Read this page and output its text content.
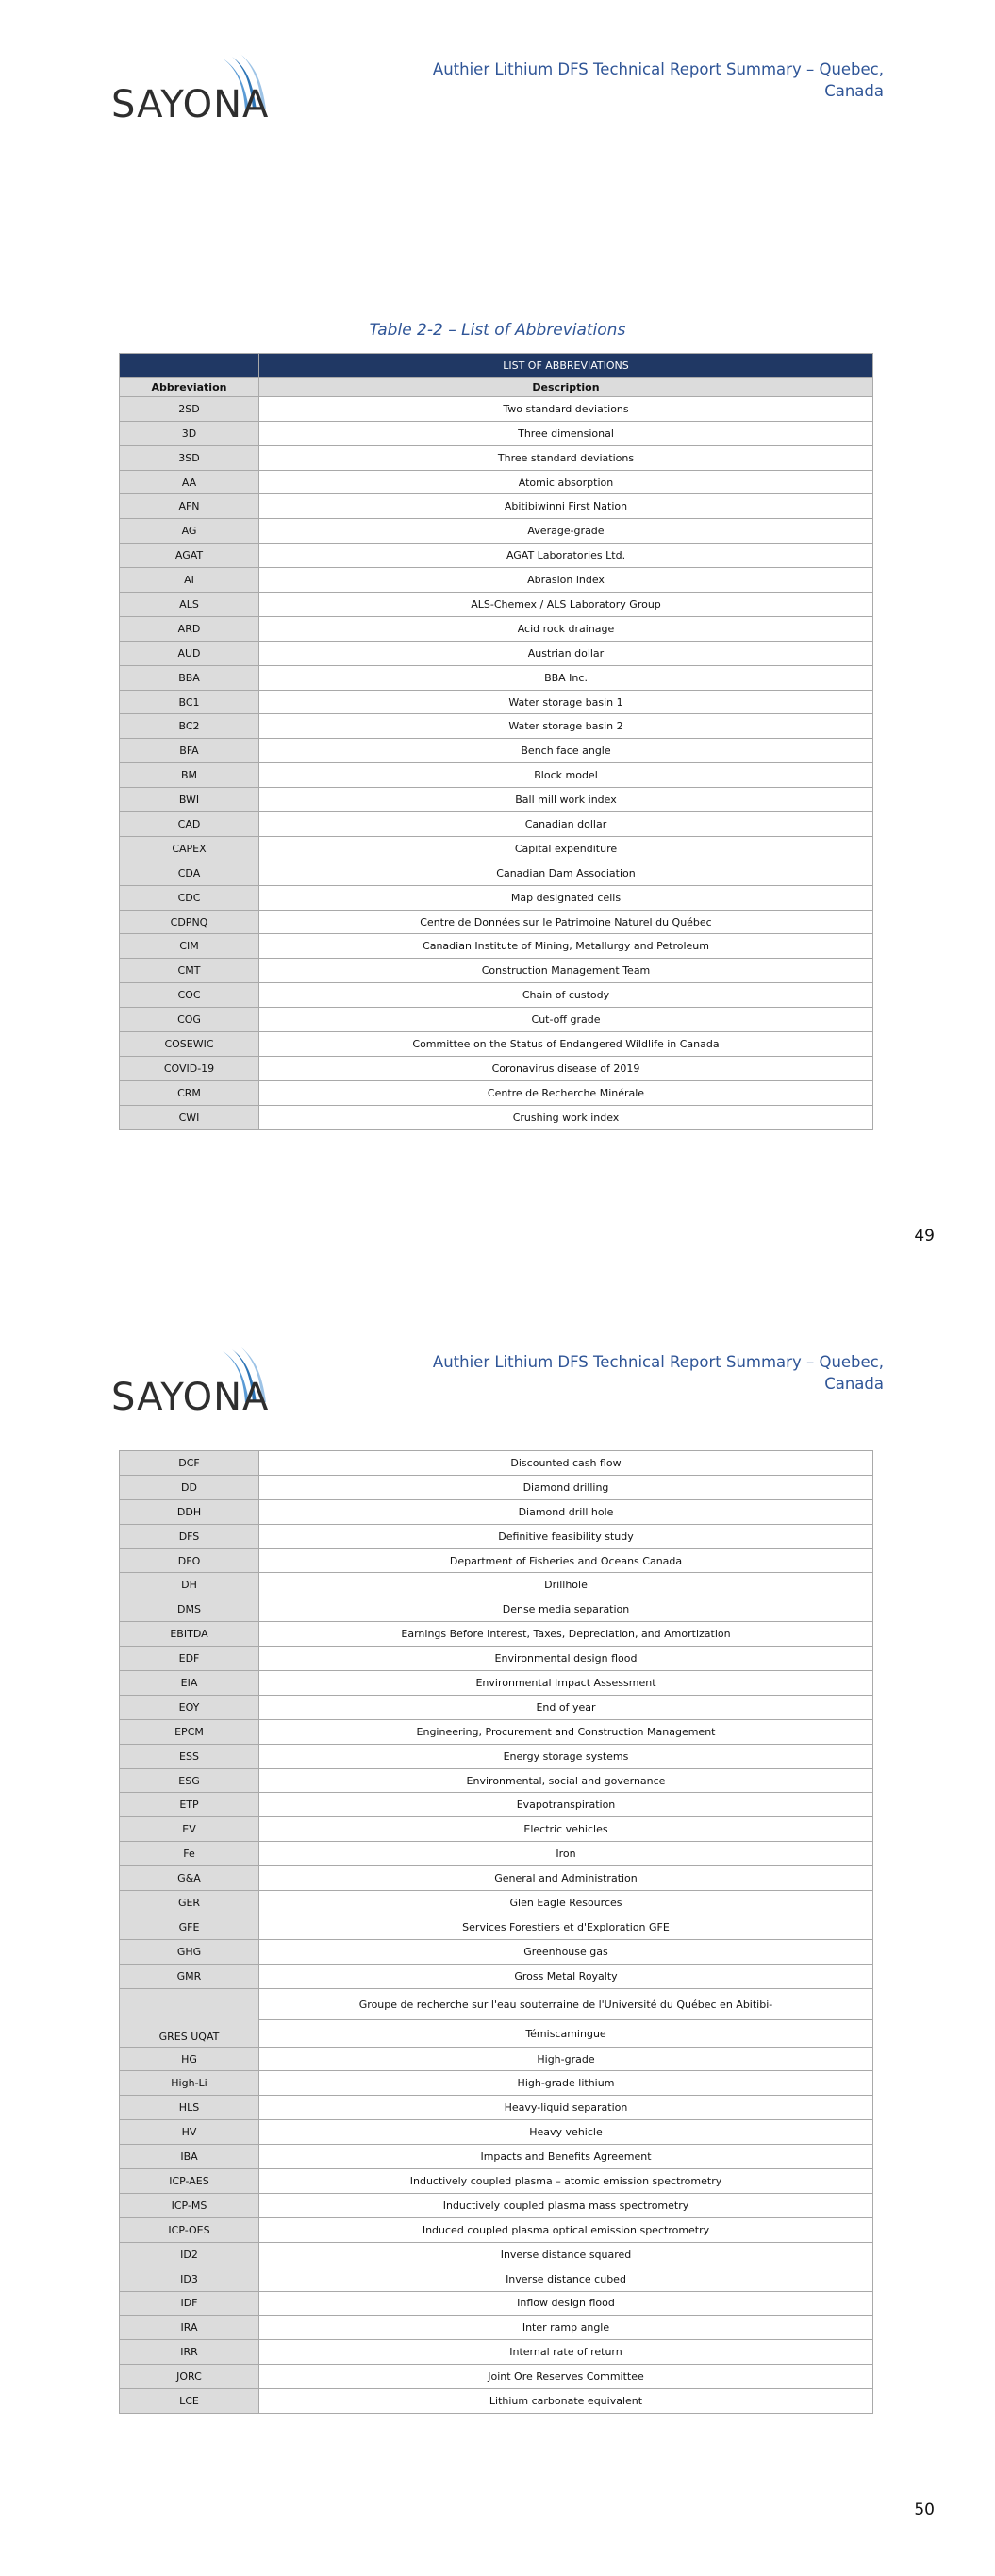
SAYONA
Authier Lithium DFS Technical Report Summary – Quebec, Canada
Table 2-2 – List of Abbreviations
	LIST OF ABBREVIATIONS
Abbreviation	Description
2SD	Two standard deviations
3D	Three dimensional
3SD	Three standard deviations
AA	Atomic absorption
AFN	Abitibiwinni First Nation
AG	Average-grade
AGAT	AGAT Laboratories Ltd.
AI	Abrasion index
ALS	ALS-Chemex / ALS Laboratory Group
ARD	Acid rock drainage
AUD	Austrian dollar
BBA	BBA Inc.
BC1	Water storage basin 1
BC2	Water storage basin 2
BFA	Bench face angle
BM	Block model
BWI	Ball mill work index
CAD	Canadian dollar
CAPEX	Capital expenditure
CDA	Canadian Dam Association
CDC	Map designated cells
CDPNQ	Centre de Données sur le Patrimoine Naturel du Québec
CIM	Canadian Institute of Mining, Metallurgy and Petroleum
CMT	Construction Management Team
COC	Chain of custody
COG	Cut-off grade
COSEWIC	Committee on the Status of Endangered Wildlife in Canada
COVID-19	Coronavirus disease of 2019
CRM	Centre de Recherche Minérale
CWI	Crushing work index
49
SAYONA
Authier Lithium DFS Technical Report Summary – Quebec, Canada
DCF	Discounted cash flow
DD	Diamond drilling
DDH	Diamond drill hole
DFS	Definitive feasibility study
DFO	Department of Fisheries and Oceans Canada
DH	Drillhole
DMS	Dense media separation
EBITDA	Earnings Before Interest, Taxes, Depreciation, and Amortization
EDF	Environmental design flood
EIA	Environmental Impact Assessment
EOY	End of year
EPCM	Engineering, Procurement and Construction Management
ESS	Energy storage systems
ESG	Environmental, social and governance
ETP	Evapotranspiration
EV	Electric vehicles
Fe	Iron
G&A	General and Administration
GER	Glen Eagle Resources
GFE	Services Forestiers et d'Exploration GFE
GHG	Greenhouse gas
GMR	Gross Metal Royalty
GRES UQAT	Groupe de recherche sur l'eau souterraine de l'Université du Québec en Abitibi-
Témiscamingue

HG	High-grade
High-Li	High-grade lithium
HLS	Heavy-liquid separation
HV	Heavy vehicle
IBA	Impacts and Benefits Agreement
ICP-AES	Inductively coupled plasma – atomic emission spectrometry
ICP-MS	Inductively coupled plasma mass spectrometry
ICP-OES	Induced coupled plasma optical emission spectrometry
ID2	Inverse distance squared
ID3	Inverse distance cubed
IDF	Inflow design flood
IRA	Inter ramp angle
IRR	Internal rate of return
JORC	Joint Ore Reserves Committee
LCE	Lithium carbonate equivalent
50
